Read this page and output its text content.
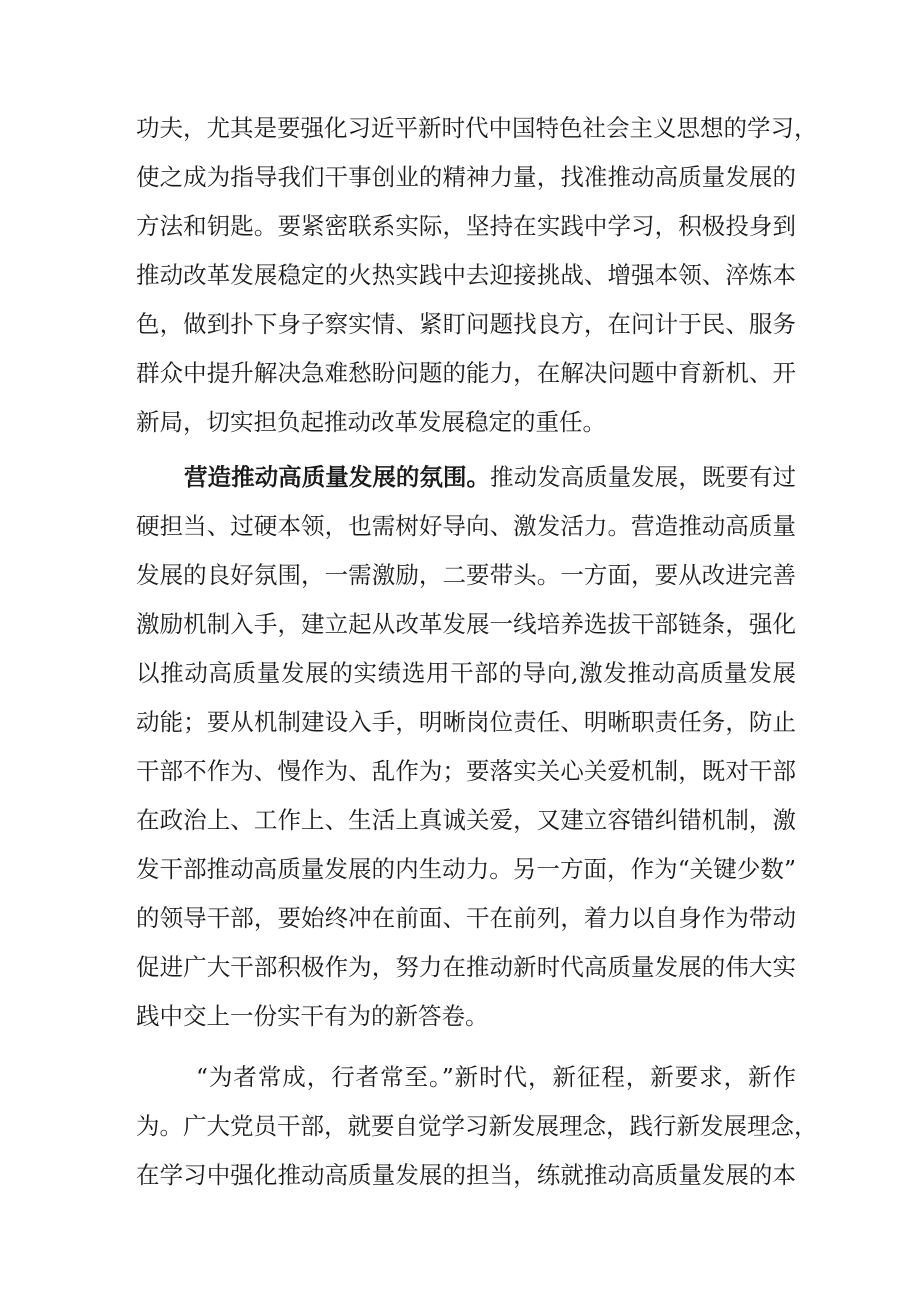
功夫，尤其是要强化习近平新时代中国特色社会主义思想的学习，
使之成为指导我们干事创业的精神力量，找准推动高质量发展的
方法和钥匙。要紧密联系实际，坚持在实践中学习，积极投身到
推动改革发展稳定的火热实践中去迎接挑战、增强本领、淬炼本
色，做到扑下身子察实情、紧盯问题找良方，在问计于民、服务
群众中提升解决急难愁盼问题的能力，在解决问题中育新机、开
新局，切实担负起推动改革发展稳定的重任。
营造推动高质量发展的氛围。推动发高质量发展，既要有过
硬担当、过硬本领，也需树好导向、激发活力。营造推动高质量
发展的良好氛围，一需激励，二要带头。一方面，要从改进完善
激励机制入手，建立起从改革发展一线培养选拔干部链条，强化
以推动高质量发展的实绩选用干部的导向,激发推动高质量发展
动能；要从机制建设入手，明晰岗位责任、明晰职责任务，防止
干部不作为、慢作为、乱作为；要落实关心关爱机制，既对干部
在政治上、工作上、生活上真诚关爱，又建立容错纠错机制，激
发干部推动高质量发展的内生动力。另一方面，作为“关键少数”
的领导干部，要始终冲在前面、干在前列，着力以自身作为带动
促进广大干部积极作为，努力在推动新时代高质量发展的伟大实
践中交上一份实干有为的新答卷。
“为者常成，行者常至。”新时代，新征程，新要求，新作
为。广大党员干部，就要自觉学习新发展理念，践行新发展理念，
在学习中强化推动高质量发展的担当，练就推动高质量发展的本
